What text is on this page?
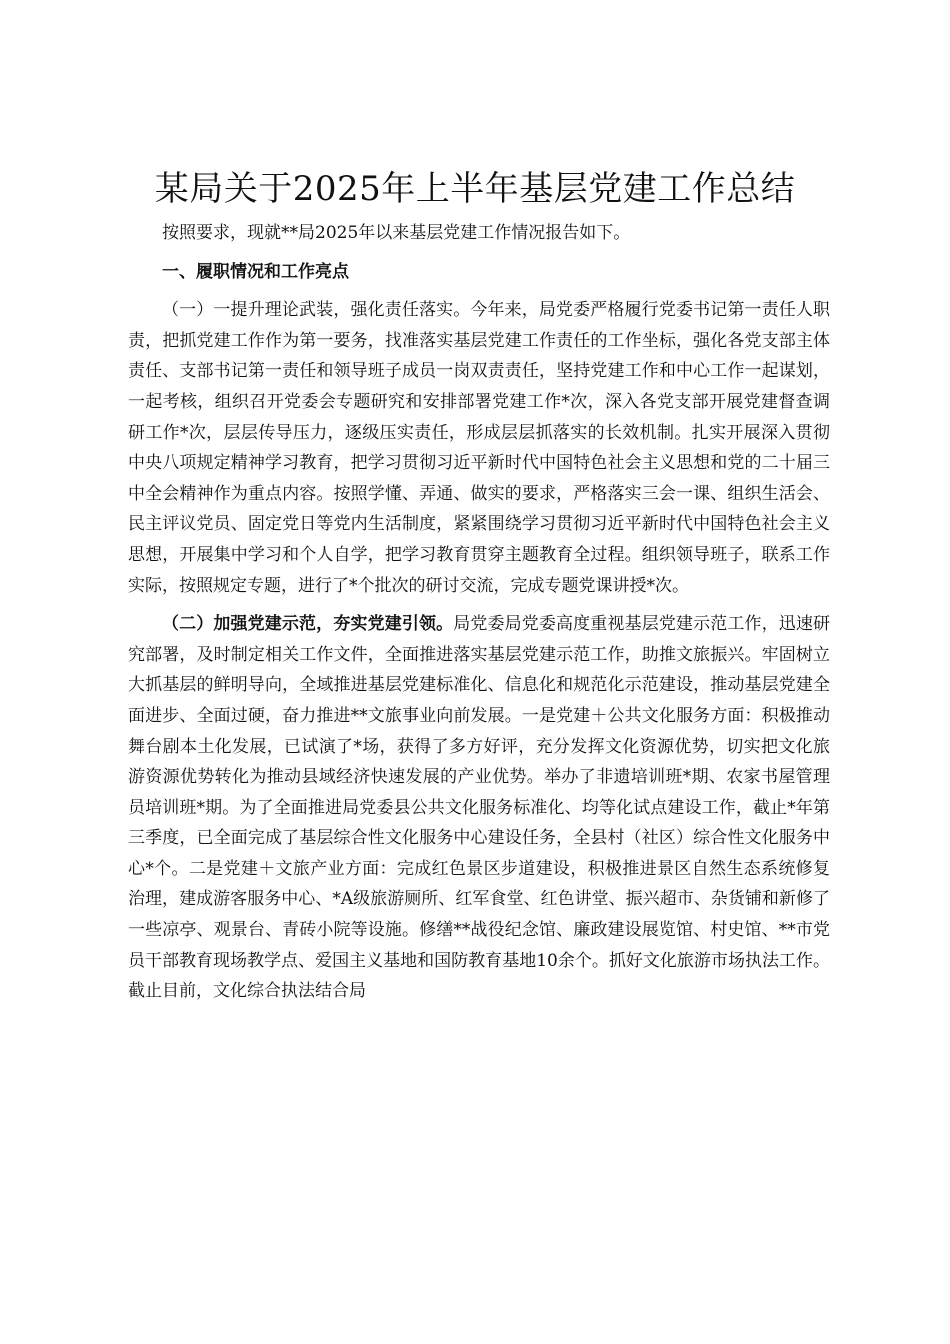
某局关于2025年上半年基层党建工作总结

按照要求，现就**局2025年以来基层党建工作情况报告如下。

一、履职情况和工作亮点

（一）一提升理论武装，强化责任落实。今年来，局党委严格履行党委书记第一责任人职责，把抓党建工作作为第一要务，找准落实基层党建工作责任的工作坐标，强化各党支部主体责任、支部书记第一责任和领导班子成员一岗双责责任，坚持党建工作和中心工作一起谋划，一起考核，组织召开党委会专题研究和安排部署党建工作*次，深入各党支部开展党建督查调研工作*次，层层传导压力，逐级压实责任，形成层层抓落实的长效机制。扎实开展深入贯彻中央八项规定精神学习教育，把学习贯彻习近平新时代中国特色社会主义思想和党的二十届三中全会精神作为重点内容。按照学懂、弄通、做实的要求，严格落实三会一课、组织生活会、民主评议党员、固定党日等党内生活制度，紧紧围绕学习贯彻习近平新时代中国特色社会主义思想，开展集中学习和个人自学，把学习教育贯穿主题教育全过程。组织领导班子，联系工作实际，按照规定专题，进行了*个批次的研讨交流，完成专题党课讲授*次。

（二）加强党建示范，夯实党建引领。局党委局党委高度重视基层党建示范工作，迅速研究部署，及时制定相关工作文件，全面推进落实基层党建示范工作，助推文旅振兴。牢固树立大抓基层的鲜明导向，全域推进基层党建标准化、信息化和规范化示范建设，推动基层党建全面进步、全面过硬，奋力推进**文旅事业向前发展。一是党建＋公共文化服务方面：积极推动舞台剧本土化发展，已试演了*场，获得了多方好评，充分发挥文化资源优势，切实把文化旅游资源优势转化为推动县域经济快速发展的产业优势。举办了非遗培训班*期、农家书屋管理员培训班*期。为了全面推进局党委县公共文化服务标准化、均等化试点建设工作，截止*年第三季度，已全面完成了基层综合性文化服务中心建设任务，全县村（社区）综合性文化服务中心*个。二是党建＋文旅产业方面：完成红色景区步道建设，积极推进景区自然生态系统修复治理，建成游客服务中心、*A级旅游厕所、红军食堂、红色讲堂、振兴超市、杂货铺和新修了一些凉亭、观景台、青砖小院等设施。修缮**战役纪念馆、廉政建设展览馆、村史馆、**市党员干部教育现场教学点、爱国主义基地和国防教育基地10余个。抓好文化旅游市场执法工作。截止目前，文化综合执法结合局
